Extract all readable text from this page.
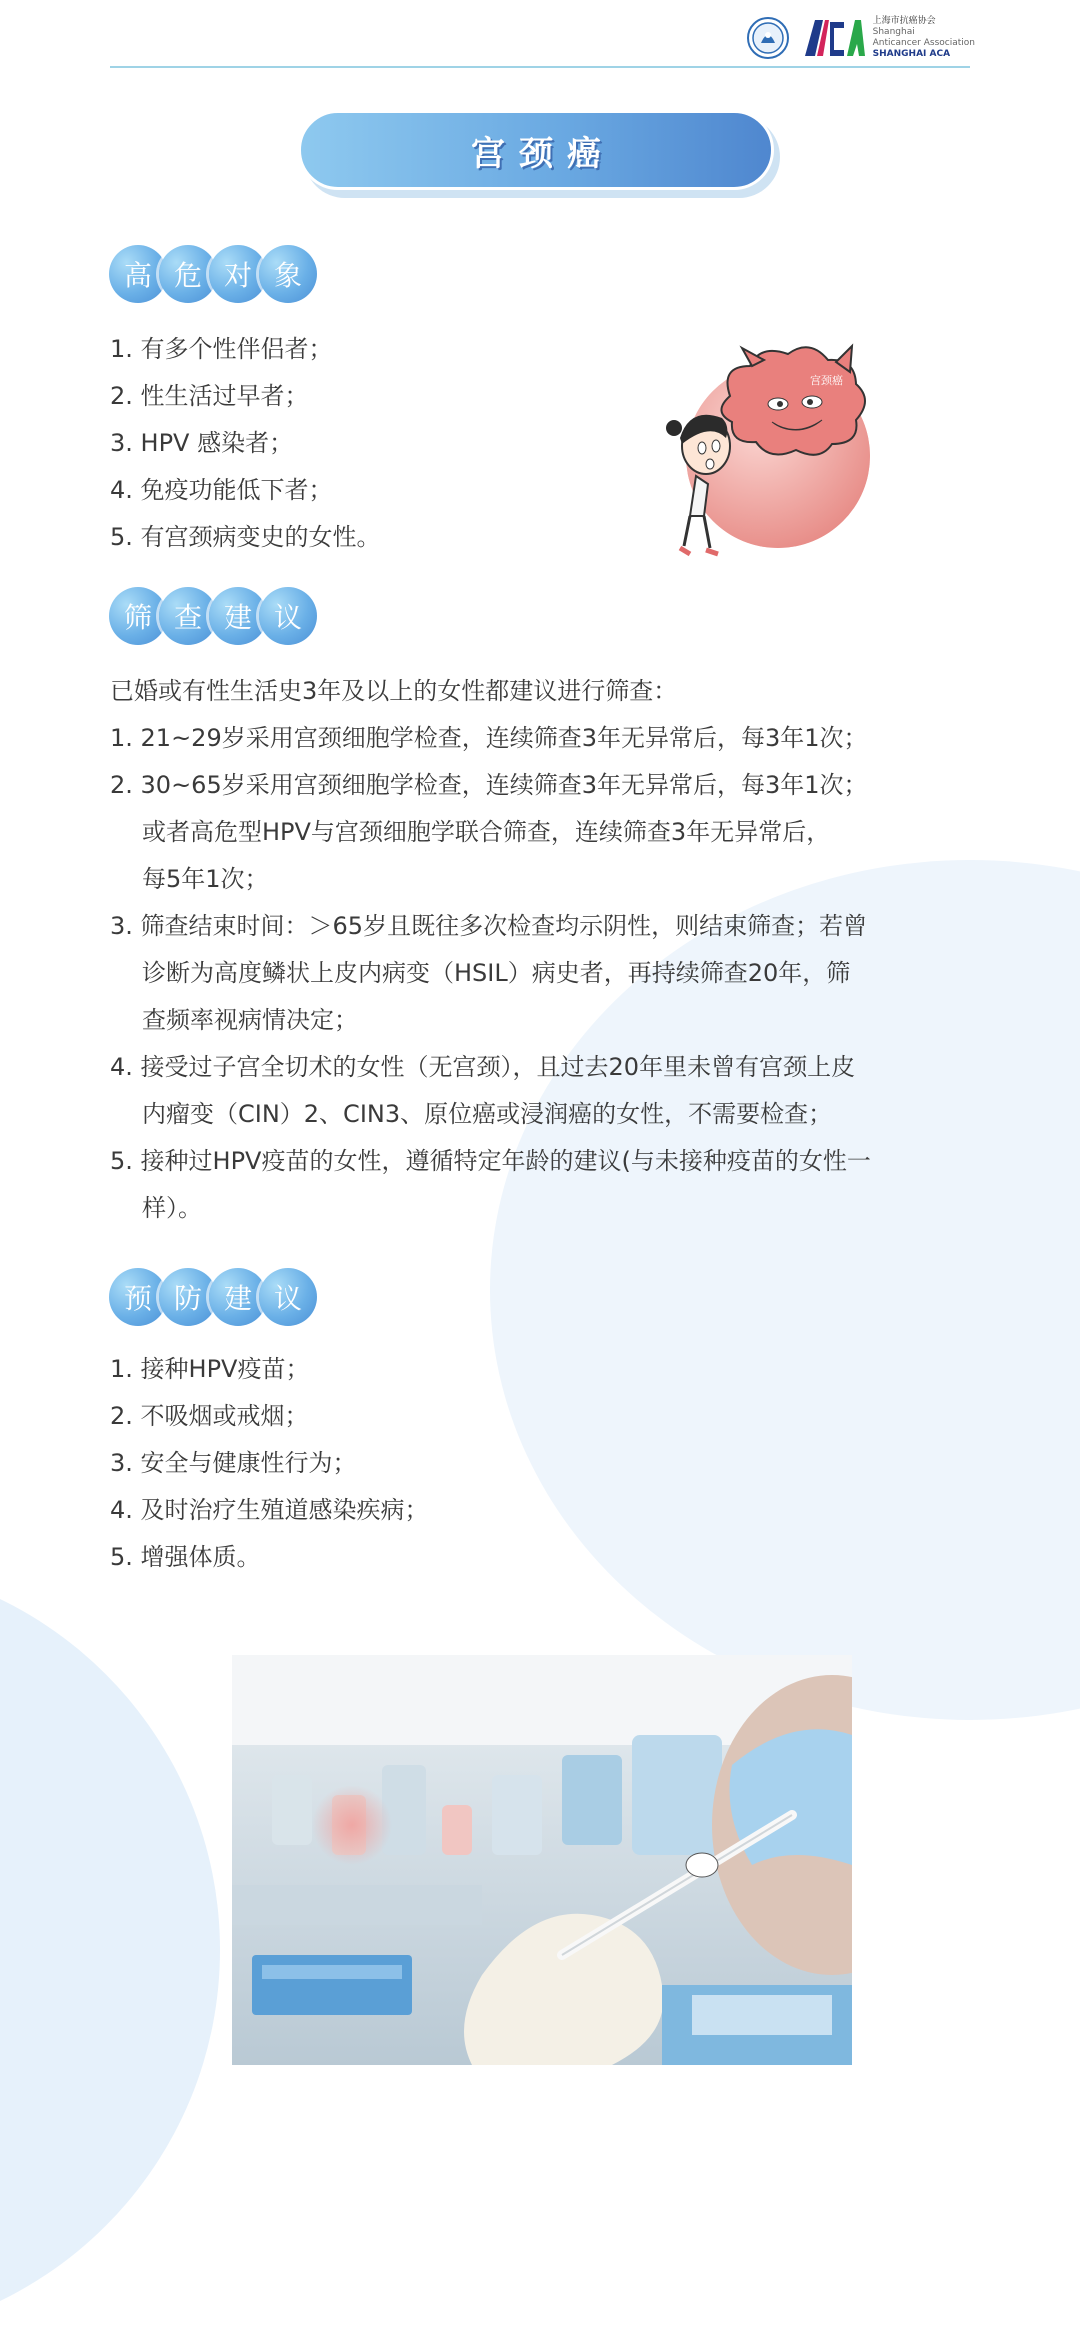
上海市抗癌协会
Shanghai
Anticancer Association
SHANGHAI ACA
宫颈癌
高 危 对 象
1. 有多个性伴侣者；
2. 性生活过早者；
3. HPV 感染者；
4. 免疫功能低下者；
5. 有宫颈病变史的女性。
宫颈癌
筛 查 建 议
已婚或有性生活史3年及以上的女性都建议进行筛查：
1. 21~29岁采用宫颈细胞学检查，连续筛查3年无异常后，每3年1次；
2. 30~65岁采用宫颈细胞学检查，连续筛查3年无异常后，每3年1次；
或者高危型HPV与宫颈细胞学联合筛查，连续筛查3年无异常后，
每5年1次；
3. 筛查结束时间：＞65岁且既往多次检查均示阴性，则结束筛查；若曾
诊断为高度鳞状上皮内病变（HSIL）病史者，再持续筛查20年，筛
查频率视病情决定；
4. 接受过子宫全切术的女性（无宫颈），且过去20年里未曾有宫颈上皮
内瘤变（CIN）2、CIN3、原位癌或浸润癌的女性，不需要检查；
5. 接种过HPV疫苗的女性，遵循特定年龄的建议(与未接种疫苗的女性一
样）。
预 防 建 议
1. 接种HPV疫苗；
2. 不吸烟或戒烟；
3. 安全与健康性行为；
4. 及时治疗生殖道感染疾病；
5. 增强体质。
